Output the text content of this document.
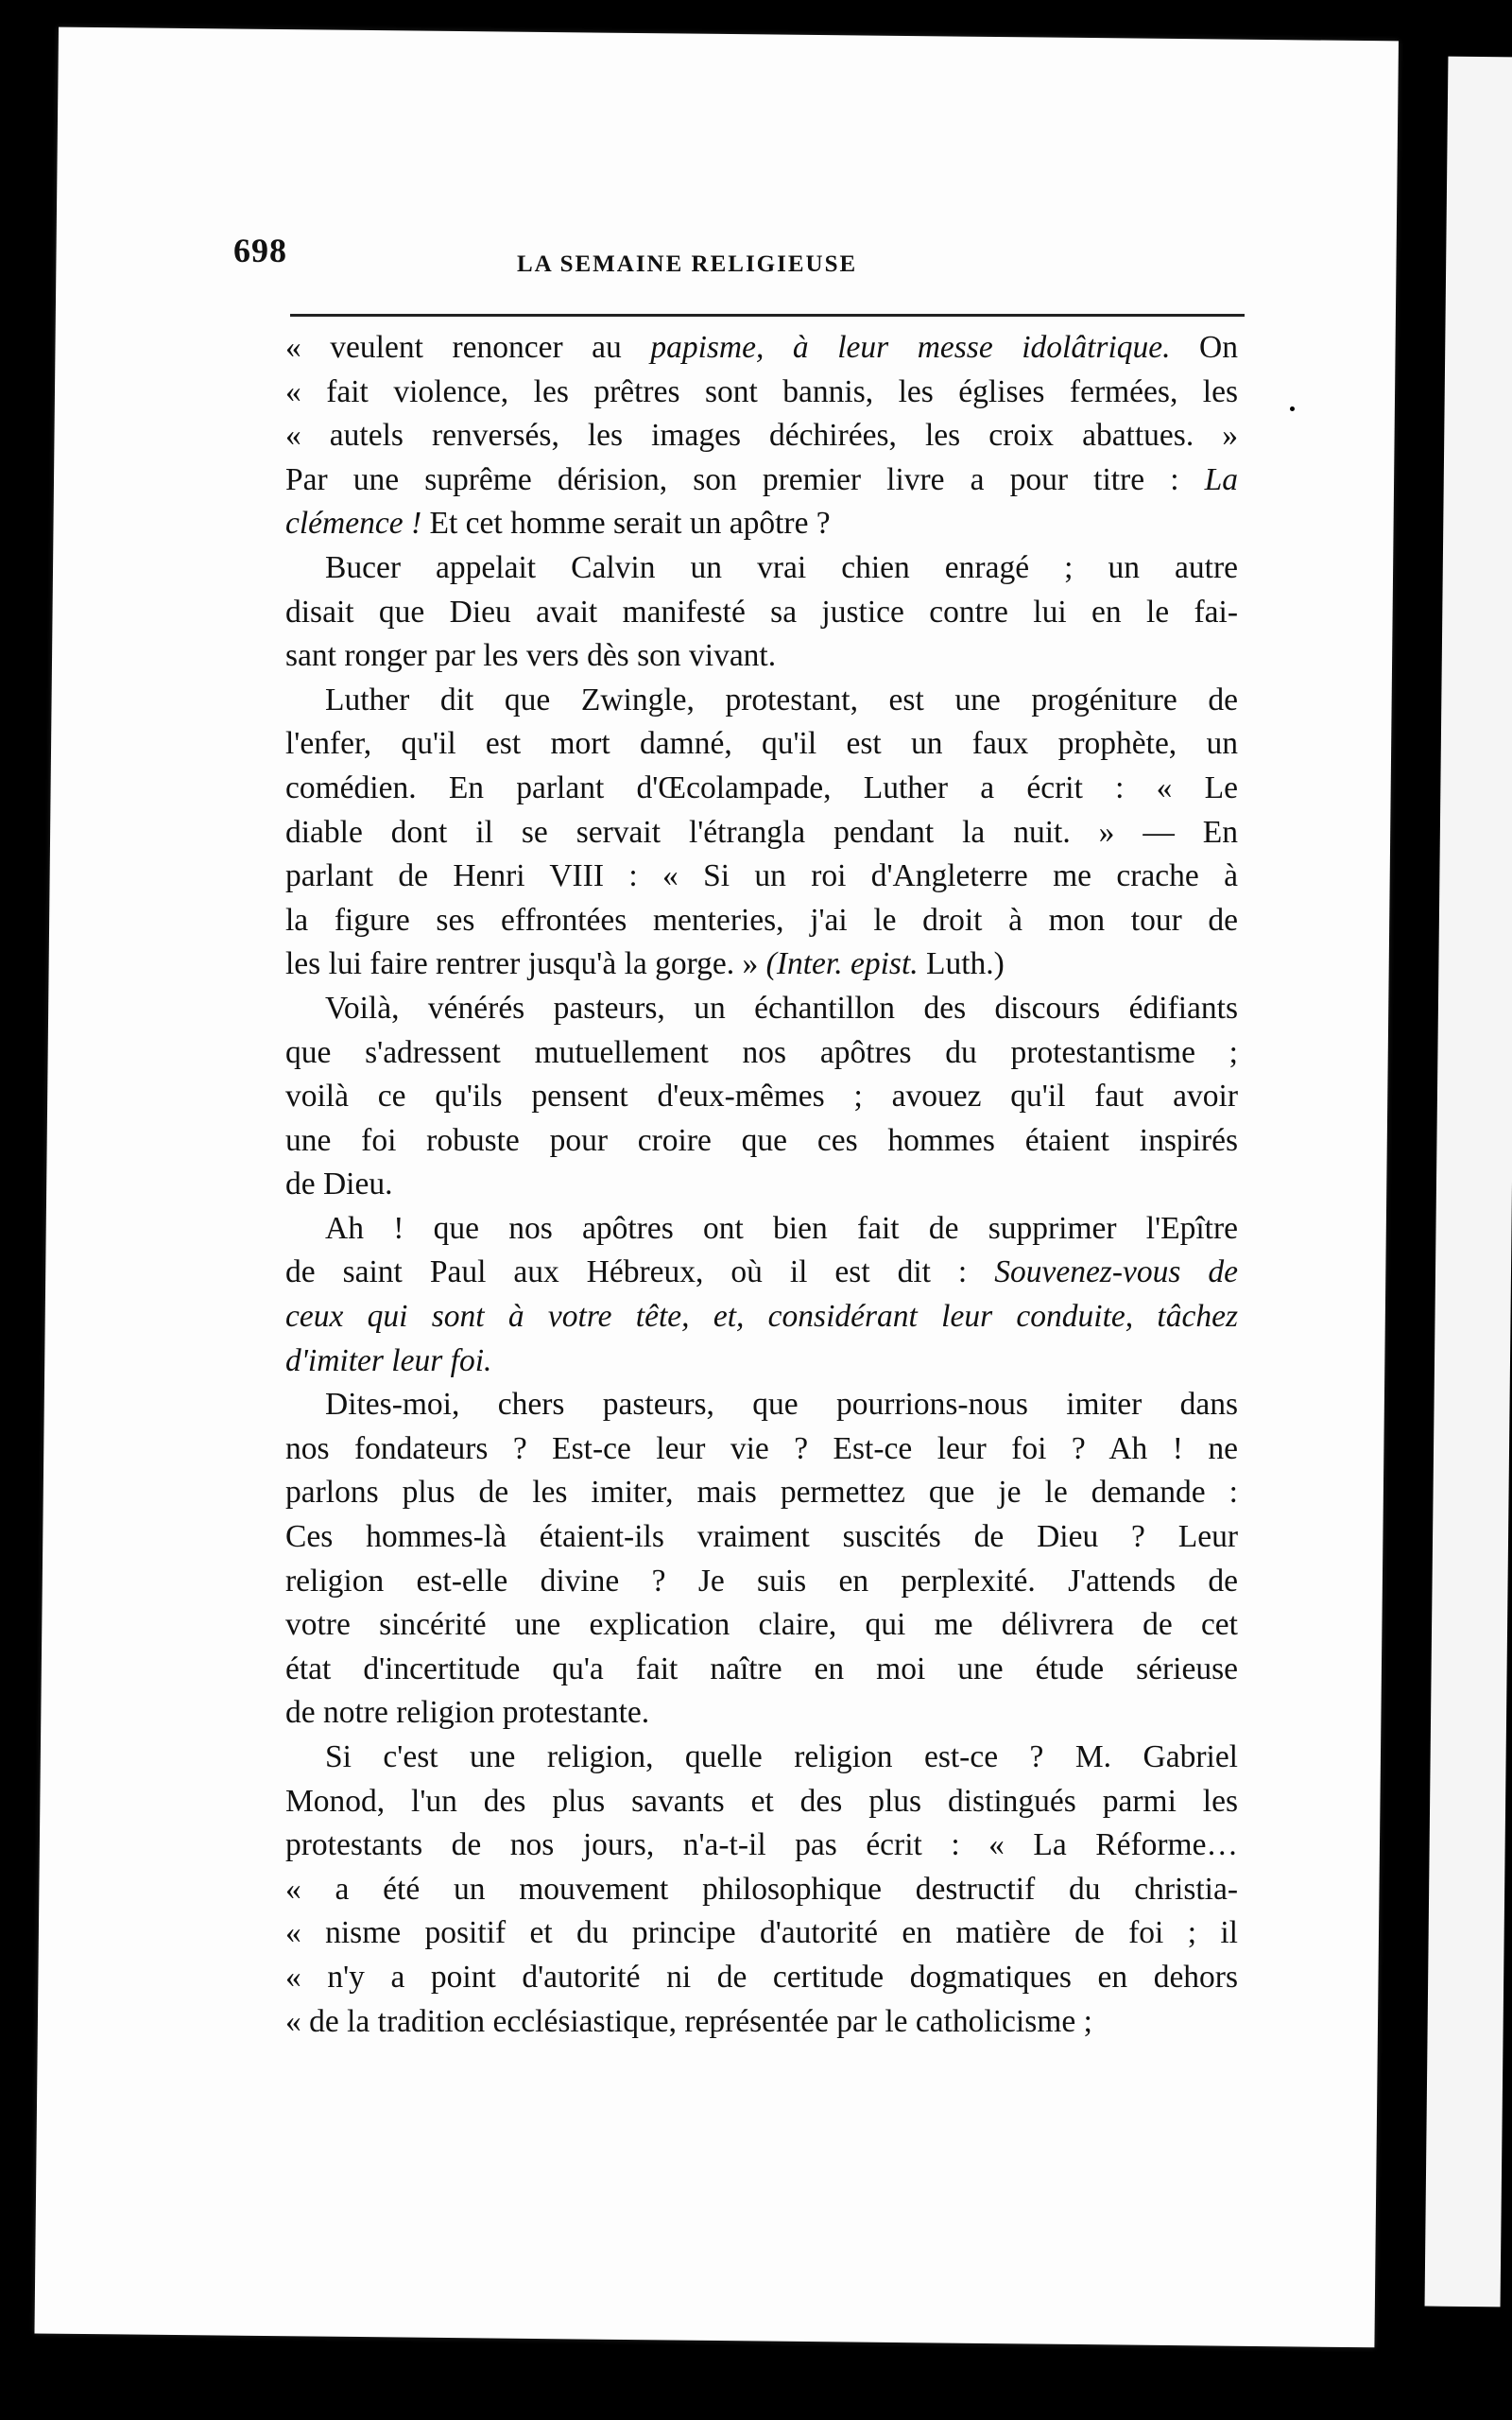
698	LA SEMAINE RELIGIEUSE
« veulent renoncer au papisme, à leur messe idolâtrique. On
« fait violence, les prêtres sont bannis, les églises fermées, les
« autels renversés, les images déchirées, les croix abattues. »
Par une suprême dérision, son premier livre a pour titre : La
clémence ! Et cet homme serait un apôtre ?
Bucer appelait Calvin un vrai chien enragé ; un autre
disait que Dieu avait manifesté sa justice contre lui en le fai-
sant ronger par les vers dès son vivant.
Luther dit que Zwingle, protestant, est une progéniture de
l'enfer, qu'il est mort damné, qu'il est un faux prophète, un
comédien. En parlant d'Œcolampade, Luther a écrit : « Le
diable dont il se servait l'étrangla pendant la nuit. » — En
parlant de Henri VIII : « Si un roi d'Angleterre me crache à
la figure ses effrontées menteries, j'ai le droit à mon tour de
les lui faire rentrer jusqu'à la gorge. » (Inter. epist. Luth.)
Voilà, vénérés pasteurs, un échantillon des discours édifiants
que s'adressent mutuellement nos apôtres du protestantisme ;
voilà ce qu'ils pensent d'eux-mêmes ; avouez qu'il faut avoir
une foi robuste pour croire que ces hommes étaient inspirés
de Dieu.
Ah ! que nos apôtres ont bien fait de supprimer l'Epître
de saint Paul aux Hébreux, où il est dit : Souvenez-vous de
ceux qui sont à votre tête, et, considérant leur conduite, tâchez
d'imiter leur foi.
Dites-moi, chers pasteurs, que pourrions-nous imiter dans
nos fondateurs ? Est-ce leur vie ? Est-ce leur foi ? Ah ! ne
parlons plus de les imiter, mais permettez que je le demande :
Ces hommes-là étaient-ils vraiment suscités de Dieu ? Leur
religion est-elle divine ? Je suis en perplexité. J'attends de
votre sincérité une explication claire, qui me délivrera de cet
état d'incertitude qu'a fait naître en moi une étude sérieuse
de notre religion protestante.
Si c'est une religion, quelle religion est-ce ? M. Gabriel
Monod, l'un des plus savants et des plus distingués parmi les
protestants de nos jours, n'a-t-il pas écrit : « La Réforme…
« a été un mouvement philosophique destructif du christia-
« nisme positif et du principe d'autorité en matière de foi ; il
« n'y a point d'autorité ni de certitude dogmatiques en dehors
« de la tradition ecclésiastique, représentée par le catholicisme ;
